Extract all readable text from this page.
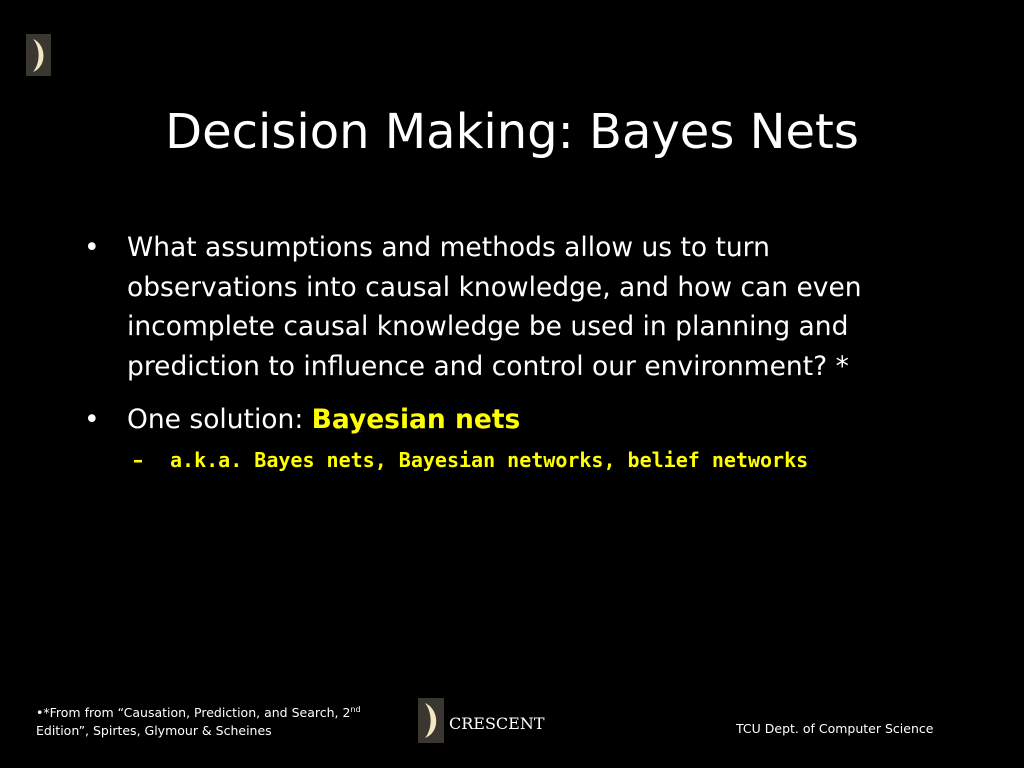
Decision Making: Bayes Nets
•	What assumptions and methods allow us to turn observations into causal knowledge, and how can even incomplete causal knowledge be used in planning and prediction to influence and control our environment? *
•	One solution: Bayesian nets
– a.k.a. Bayes nets, Bayesian networks, belief networks
•*From from “Causation, Prediction, and Search, 2nd Edition”, Spirtes, Glymour & Scheines	CRESCENT	TCU Dept. of Computer Science
